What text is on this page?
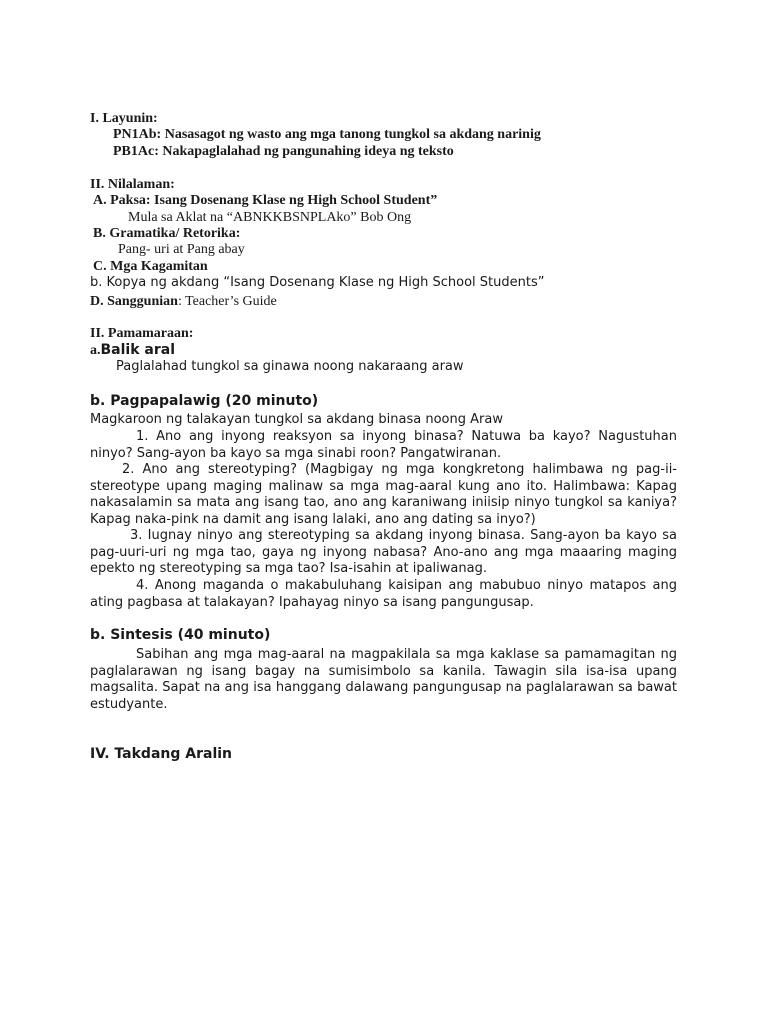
I. Layunin:
PN1Ab: Nasasagot ng wasto ang mga tanong tungkol sa akdang narinig
PB1Ac: Nakapaglalahad ng pangunahing ideya ng teksto
II. Nilalaman:
A. Paksa: Isang Dosenang Klase ng High School Student”
Mula sa Aklat na “ABNKKBSNPLAko” Bob Ong
B. Gramatika/ Retorika:
Pang- uri at Pang abay
C. Mga Kagamitan
b. Kopya ng akdang “Isang Dosenang Klase ng High School Students”
D. Sanggunian: Teacher’s Guide
II. Pamamaraan:
a.Balik aral
Paglalahad tungkol sa ginawa noong nakaraang araw
b. Pagpapalawig (20 minuto)
Magkaroon ng talakayan tungkol sa akdang binasa noong Araw

1. Ano ang inyong reaksyon sa inyong binasa? Natuwa ba kayo? Nagustuhan ninyo? Sang-ayon ba kayo sa mga sinabi roon? Pangatwiranan.

2. Ano ang stereotyping? (Magbigay ng mga kongkretong halimbawa ng pag-ii-stereotype upang maging malinaw sa mga mag-aaral kung ano ito. Halimbawa: Kapag nakasalamin sa mata ang isang tao, ano ang karaniwang iniisip ninyo tungkol sa kaniya? Kapag naka-pink na damit ang isang lalaki, ano ang dating sa inyo?)

3. Iugnay ninyo ang stereotyping sa akdang inyong binasa. Sang-ayon ba kayo sa pag-uuri-uri ng mga tao, gaya ng inyong nabasa? Ano-ano ang mga maaaring maging epekto ng stereotyping sa mga tao? Isa-isahin at ipaliwanag.

4. Anong maganda o makabuluhang kaisipan ang mabubuo ninyo matapos ang ating pagbasa at talakayan? Ipahayag ninyo sa isang pangungusap.

b. Sintesis (40 minuto)

Sabihan ang mga mag-aaral na magpakilala sa mga kaklase sa pamamagitan ng paglalarawan ng isang bagay na sumisimbolo sa kanila. Tawagin sila isa-isa upang magsalita. Sapat na ang isa hanggang dalawang pangungusap na paglalarawan sa bawat estudyante.

IV. Takdang Aralin
